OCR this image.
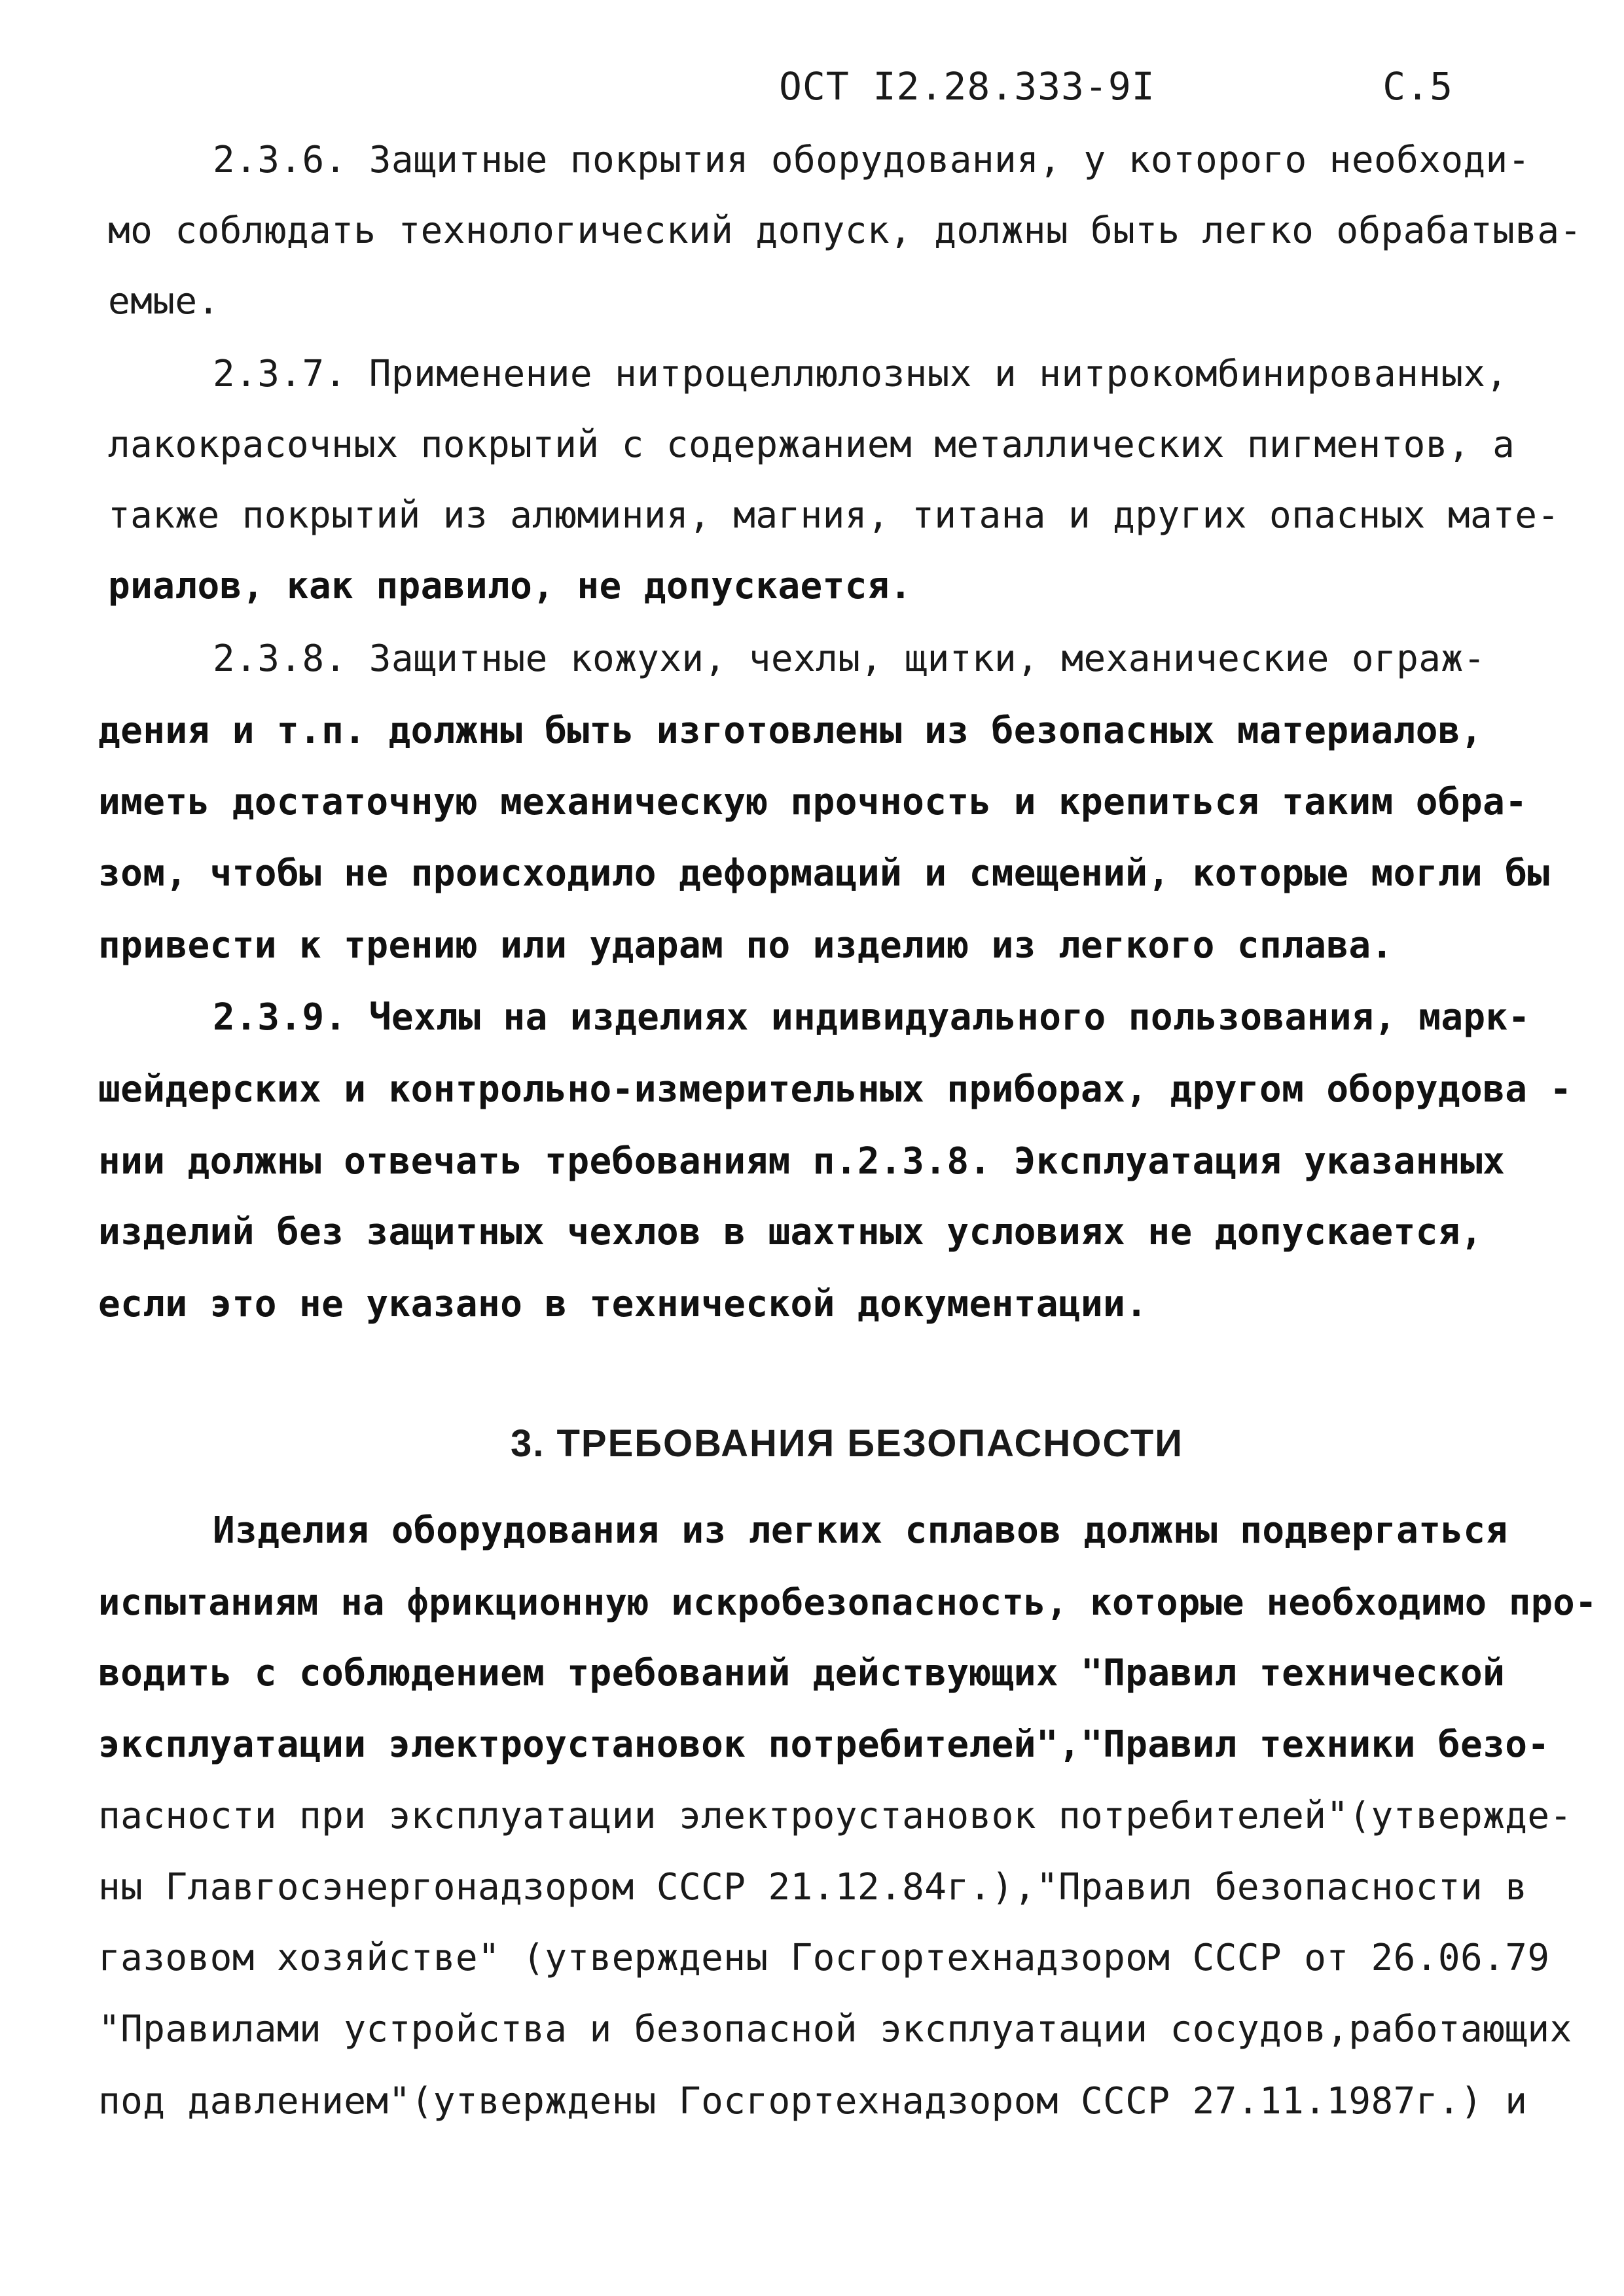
ОСТ I2.28.333-9I	С.5
2.3.6. Защитные покрытия оборудования, у которого необходи-
мо соблюдать технологический допуск, должны быть легко обрабатыва-
емые.
2.3.7. Применение нитроцеллюлозных и нитрокомбинированных,
лакокрасочных покрытий с содержанием металлических пигментов, а
также покрытий из алюминия, магния, титана и других опасных мате-
риалов, как правило, не допускается.
2.3.8. Защитные кожухи, чехлы, щитки, механические ограж-
дения и т.п. должны быть изготовлены из безопасных материалов,
иметь достаточную механическую прочность и крепиться таким обра-
зом, чтобы не происходило деформаций и смещений, которые могли бы
привести к трению или ударам по изделию из легкого сплава.
2.3.9. Чехлы на изделиях индивидуального пользования, марк-
шейдерских и контрольно-измерительных приборах, другом оборудова -
нии должны отвечать требованиям п.2.3.8. Эксплуатация указанных
изделий без защитных чехлов в шахтных условиях не допускается,
если это не указано в технической документации.
3. ТРЕБОВАНИЯ БЕЗОПАСНОСТИ
Изделия оборудования из легких сплавов должны подвергаться
испытаниям на фрикционную искробезопасность, которые необходимо про-
водить с соблюдением требований действующих "Правил технической
эксплуатации электроустановок потребителей","Правил техники безо-
пасности при эксплуатации электроустановок потребителей"(утвержде-
ны Главгосэнергонадзором СССР 21.12.84г.),"Правил безопасности в
газовом хозяйстве" (утверждены Госгортехнадзором СССР от 26.06.79
"Правилами устройства и безопасной эксплуатации сосудов,работающих
под давлением"(утверждены Госгортехнадзором СССР 27.11.1987г.) и
